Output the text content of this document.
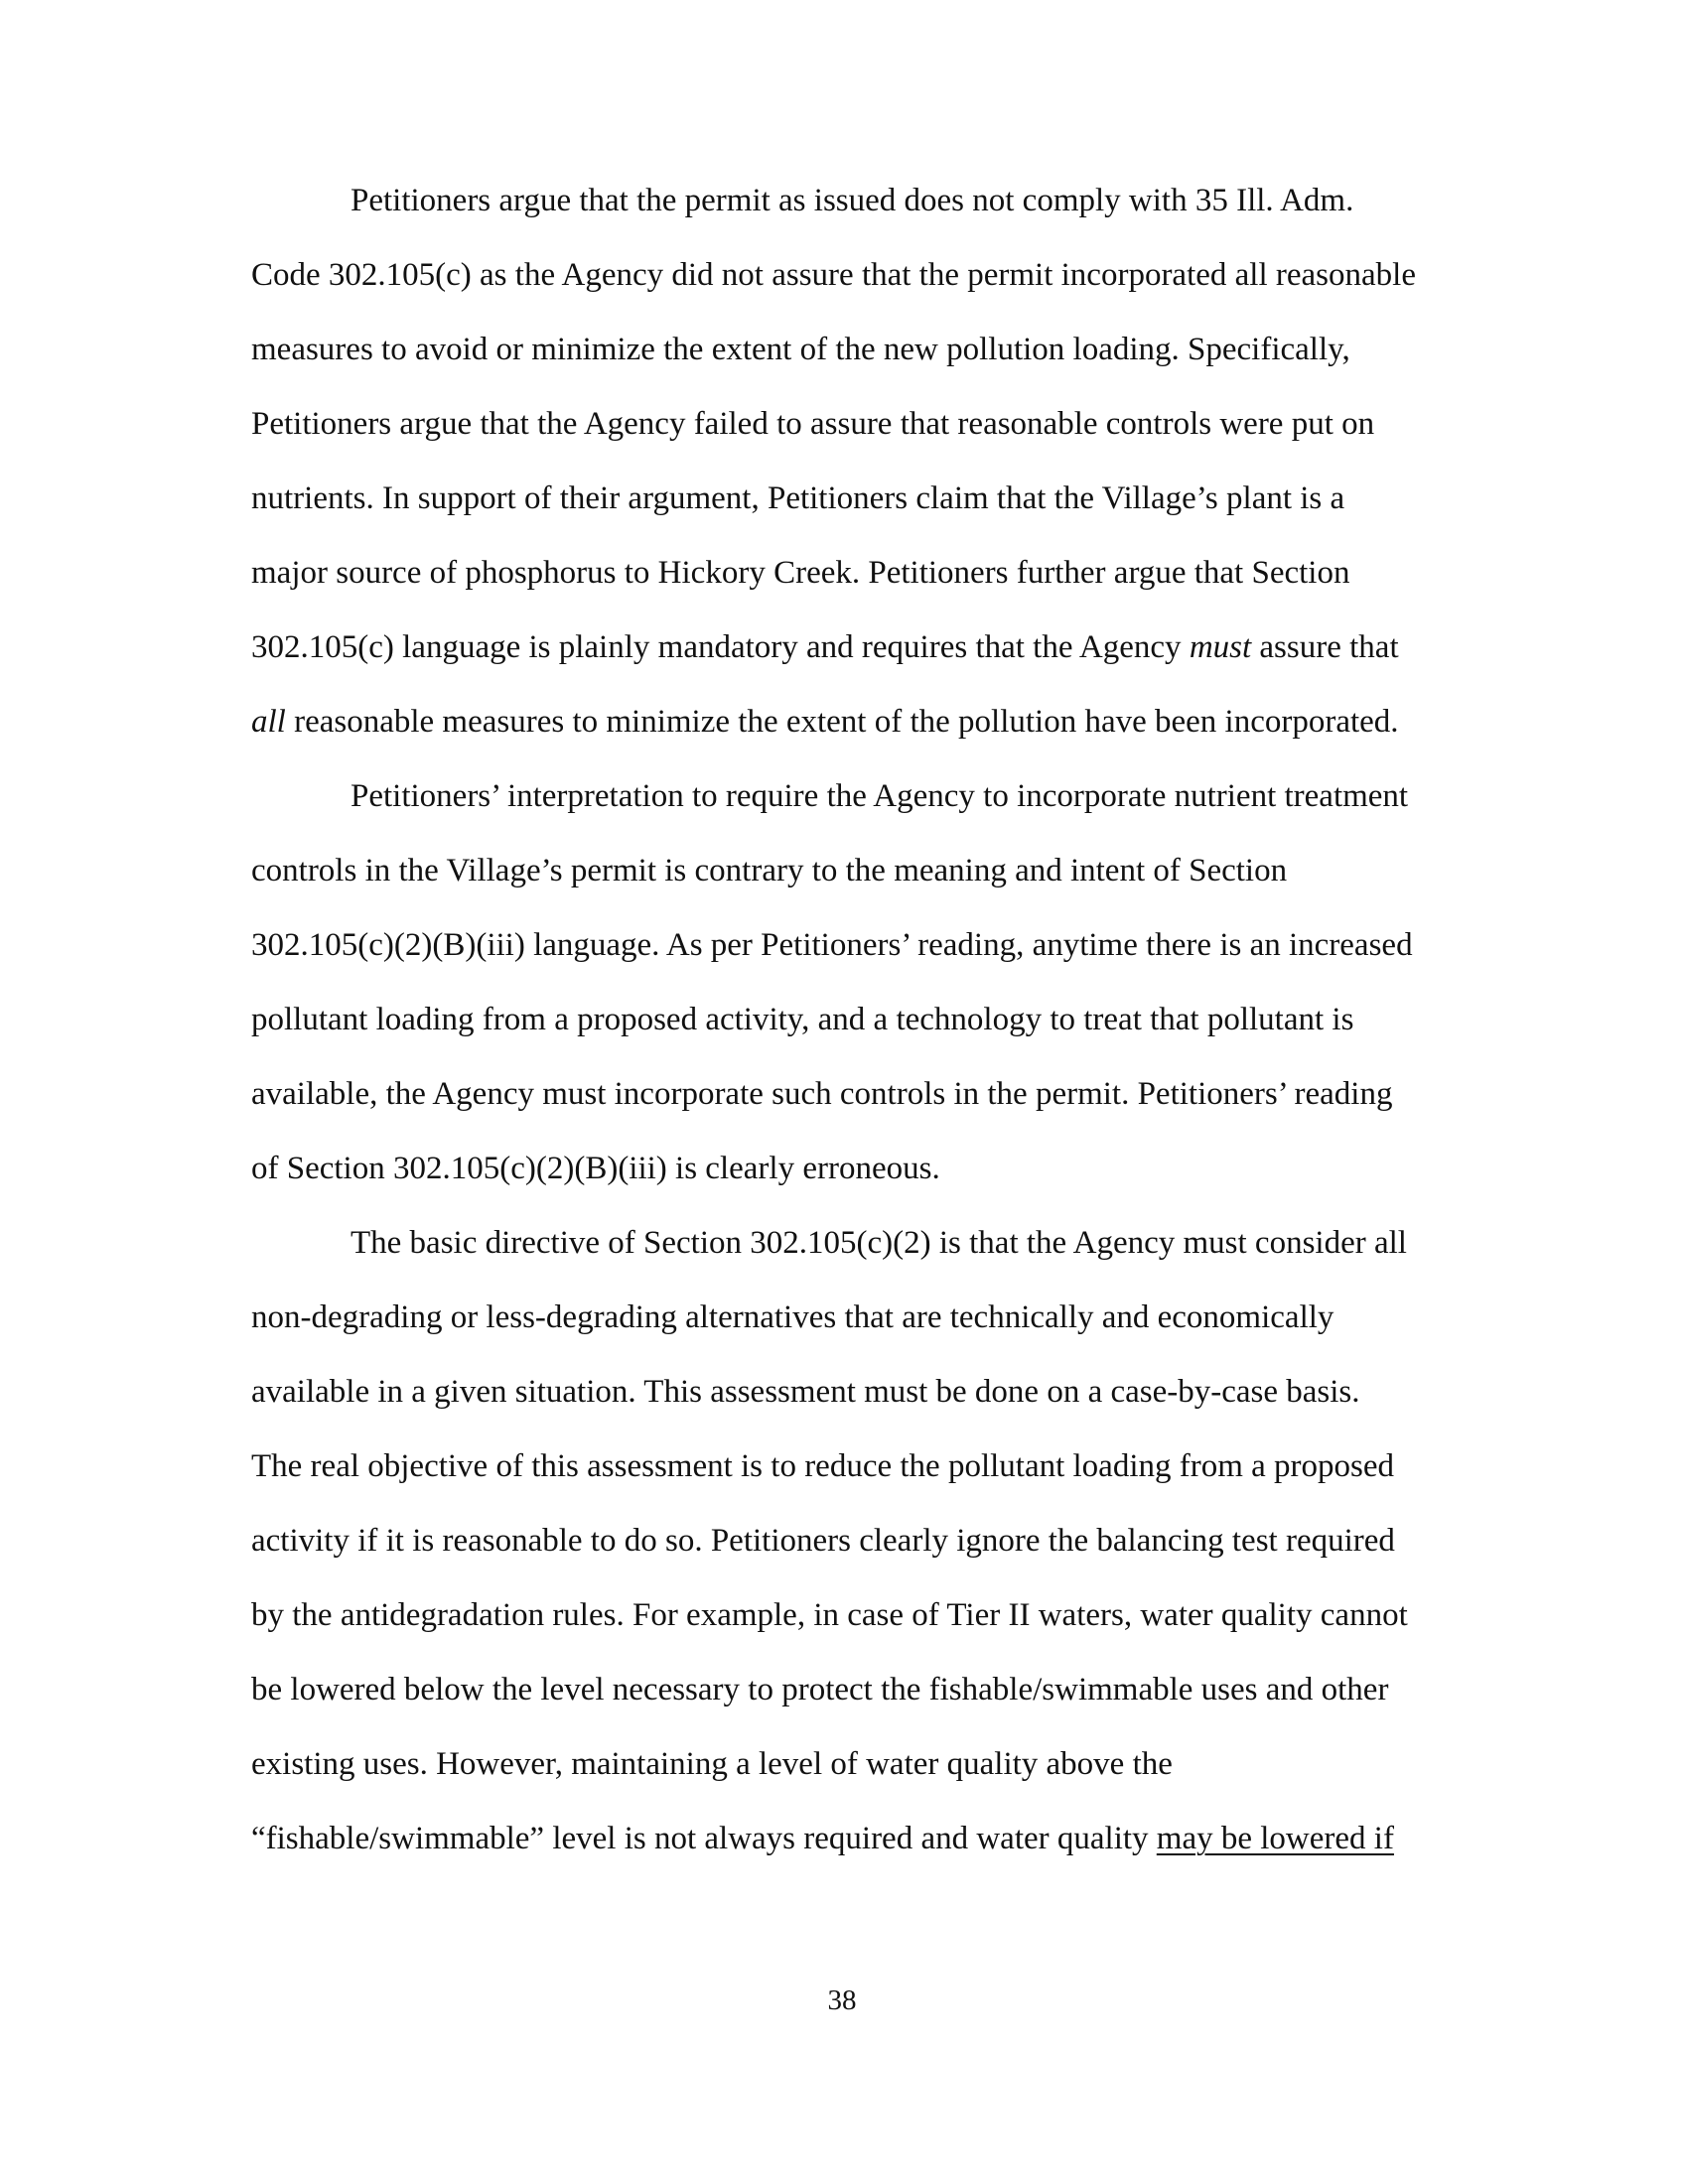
Petitioners argue that the permit as issued does not comply with 35 Ill. Adm.
Code 302.105(c) as the Agency did not assure that the permit incorporated all reasonable
measures to avoid or minimize the extent of the new pollution loading. Specifically,
Petitioners argue that the Agency failed to assure that reasonable controls were put on
nutrients. In support of their argument, Petitioners claim that the Village’s plant is a
major source of phosphorus to Hickory Creek. Petitioners further argue that Section
302.105(c) language is plainly mandatory and requires that the Agency must assure that
all reasonable measures to minimize the extent of the pollution have been incorporated.
Petitioners’ interpretation to require the Agency to incorporate nutrient treatment
controls in the Village’s permit is contrary to the meaning and intent of Section
302.105(c)(2)(B)(iii) language. As per Petitioners’ reading, anytime there is an increased
pollutant loading from a proposed activity, and a technology to treat that pollutant is
available, the Agency must incorporate such controls in the permit. Petitioners’ reading
of Section 302.105(c)(2)(B)(iii) is clearly erroneous.
The basic directive of Section 302.105(c)(2) is that the Agency must consider all
non-degrading or less-degrading alternatives that are technically and economically
available in a given situation. This assessment must be done on a case-by-case basis.
The real objective of this assessment is to reduce the pollutant loading from a proposed
activity if it is reasonable to do so. Petitioners clearly ignore the balancing test required
by the antidegradation rules. For example, in case of Tier II waters, water quality cannot
be lowered below the level necessary to protect the fishable/swimmable uses and other
existing uses. However, maintaining a level of water quality above the
“fishable/swimmable” level is not always required and water quality may be lowered if
38
